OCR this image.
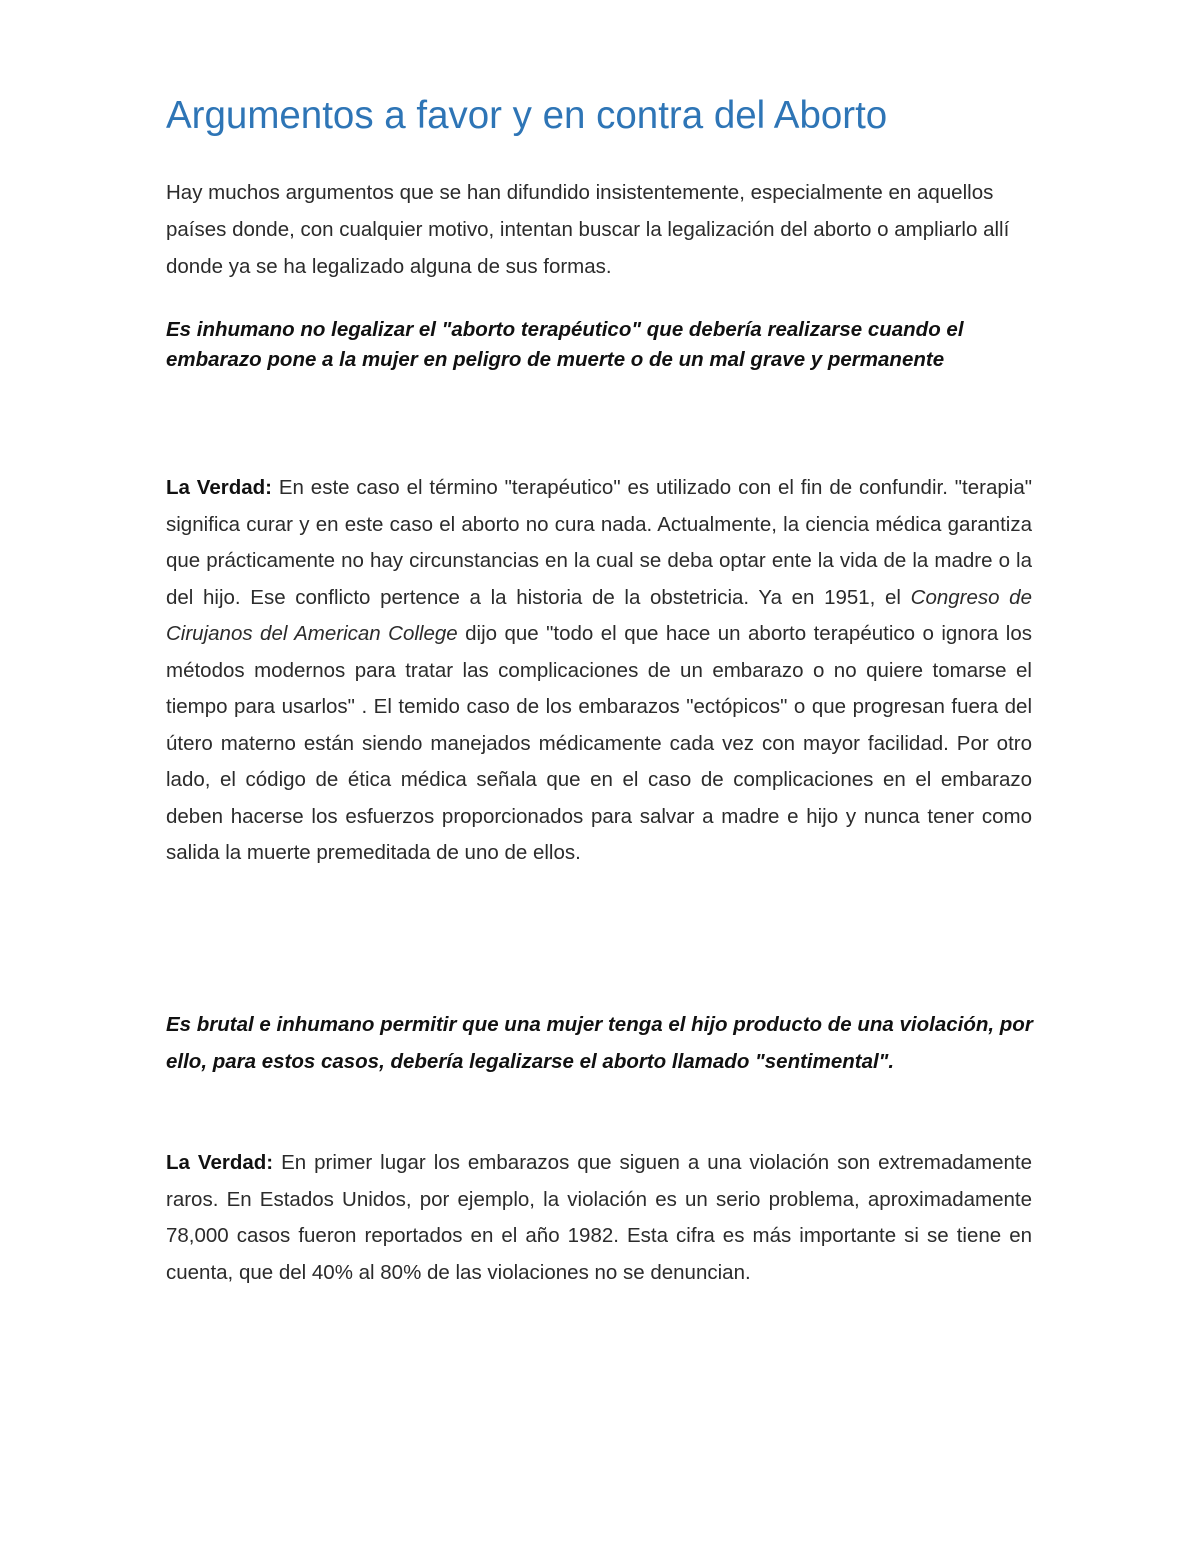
Argumentos a favor y en contra del Aborto

Hay muchos argumentos que se han difundido insistentemente, especialmente en aquellos países donde, con cualquier motivo, intentan buscar la legalización del aborto o ampliarlo allí donde ya se ha legalizado alguna de sus formas.

Es inhumano no legalizar el "aborto terapéutico" que debería realizarse cuando el embarazo pone a la mujer en peligro de muerte o de un mal grave y permanente

La Verdad: En este caso el término "terapéutico" es utilizado con el fin de confundir. "terapia" significa curar y en este caso el aborto no cura nada. Actualmente, la ciencia médica garantiza que prácticamente no hay circunstancias en la cual se deba optar ente la vida de la madre o la del hijo. Ese conflicto pertence a la historia de la obstetricia. Ya en 1951, el Congreso de Cirujanos del American College dijo que "todo el que hace un aborto terapéutico o ignora los métodos modernos para tratar las complicaciones de un embarazo o no quiere tomarse el tiempo para usarlos" . El temido caso de los embarazos "ectópicos" o que progresan fuera del útero materno están siendo manejados médicamente cada vez con mayor facilidad. Por otro lado, el código de ética médica señala que en el caso de complicaciones en el embarazo deben hacerse los esfuerzos proporcionados para salvar a madre e hijo y nunca tener como salida la muerte premeditada de uno de ellos.

Es brutal e inhumano permitir que una mujer tenga el hijo producto de una violación, por ello, para estos casos, debería legalizarse el aborto llamado "sentimental".

La Verdad: En primer lugar los embarazos que siguen a una violación son extremadamente raros. En Estados Unidos, por ejemplo, la violación es un serio problema, aproximadamente 78,000 casos fueron reportados en el año 1982. Esta cifra es más importante si se tiene en cuenta, que del 40% al 80% de las violaciones no se denuncian.
